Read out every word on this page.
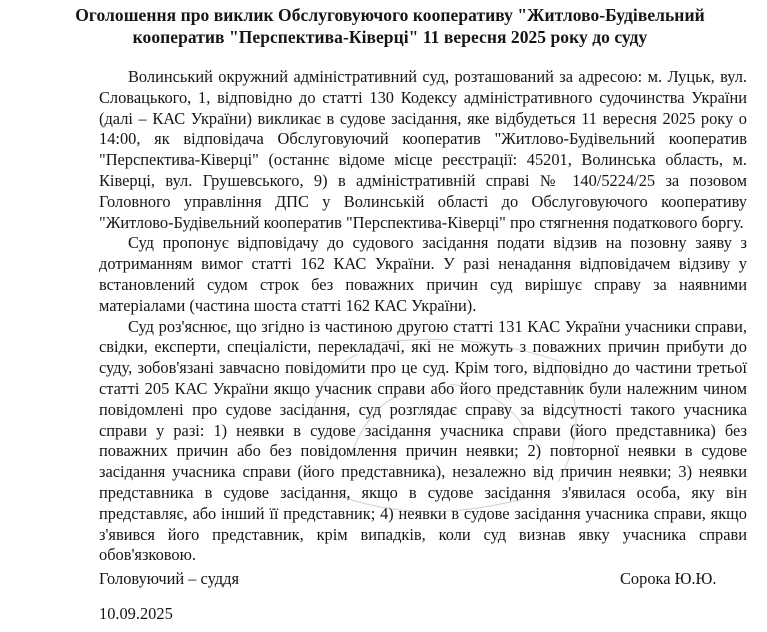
Оголошення про виклик Обслуговуючого кооперативу "Житлово-Будівельний кооператив "Перспектива-Ківерці" 11 вересня 2025 року до суду

Волинський окружний адміністративний суд, розташований за адресою: м. Луцьк, вул. Словацького, 1, відповідно до статті 130 Кодексу адміністративного судочинства України (далі – КАС України) викликає в судове засідання, яке відбудеться 11 вересня 2025 року о 14:00, як відповідача Обслуговуючий кооператив "Житлово-Будівельний кооператив "Перспектива-Ківерці" (останнє відоме місце реєстрації: 45201, Волинська область, м. Ківерці, вул. Грушевського, 9) в адміністративній справі № 140/5224/25 за позовом Головного управління ДПС у Волинській області до Обслуговуючого кооперативу "Житлово-Будівельний кооператив "Перспектива-Ківерці" про стягнення податкового боргу.

Суд пропонує відповідачу до судового засідання подати відзив на позовну заяву з дотриманням вимог статті 162 КАС України. У разі ненадання відповідачем відзиву у встановлений судом строк без поважних причин суд вирішує справу за наявними матеріалами (частина шоста статті 162 КАС України).

Суд роз'яснює, що згідно із частиною другою статті 131 КАС України учасники справи, свідки, експерти, спеціалісти, перекладачі, які не можуть з поважних причин прибути до суду, зобов'язані завчасно повідомити про це суд. Крім того, відповідно до частини третьої статті 205 КАС України якщо учасник справи або його представник були належним чином повідомлені про судове засідання, суд розглядає справу за відсутності такого учасника справи у разі: 1) неявки в судове засідання учасника справи (його представника) без поважних причин або без повідомлення причин неявки; 2) повторної неявки в судове засідання учасника справи (його представника), незалежно від причин неявки; 3) неявки представника в судове засідання, якщо в судове засідання з'явилася особа, яку він представляє, або інший її представник; 4) неявки в судове засідання учасника справи, якщо з'явився його представник, крім випадків, коли суд визнав явку учасника справи обов'язковою.

Головуючий – суддя	Сорока Ю.Ю.
10.09.2025
